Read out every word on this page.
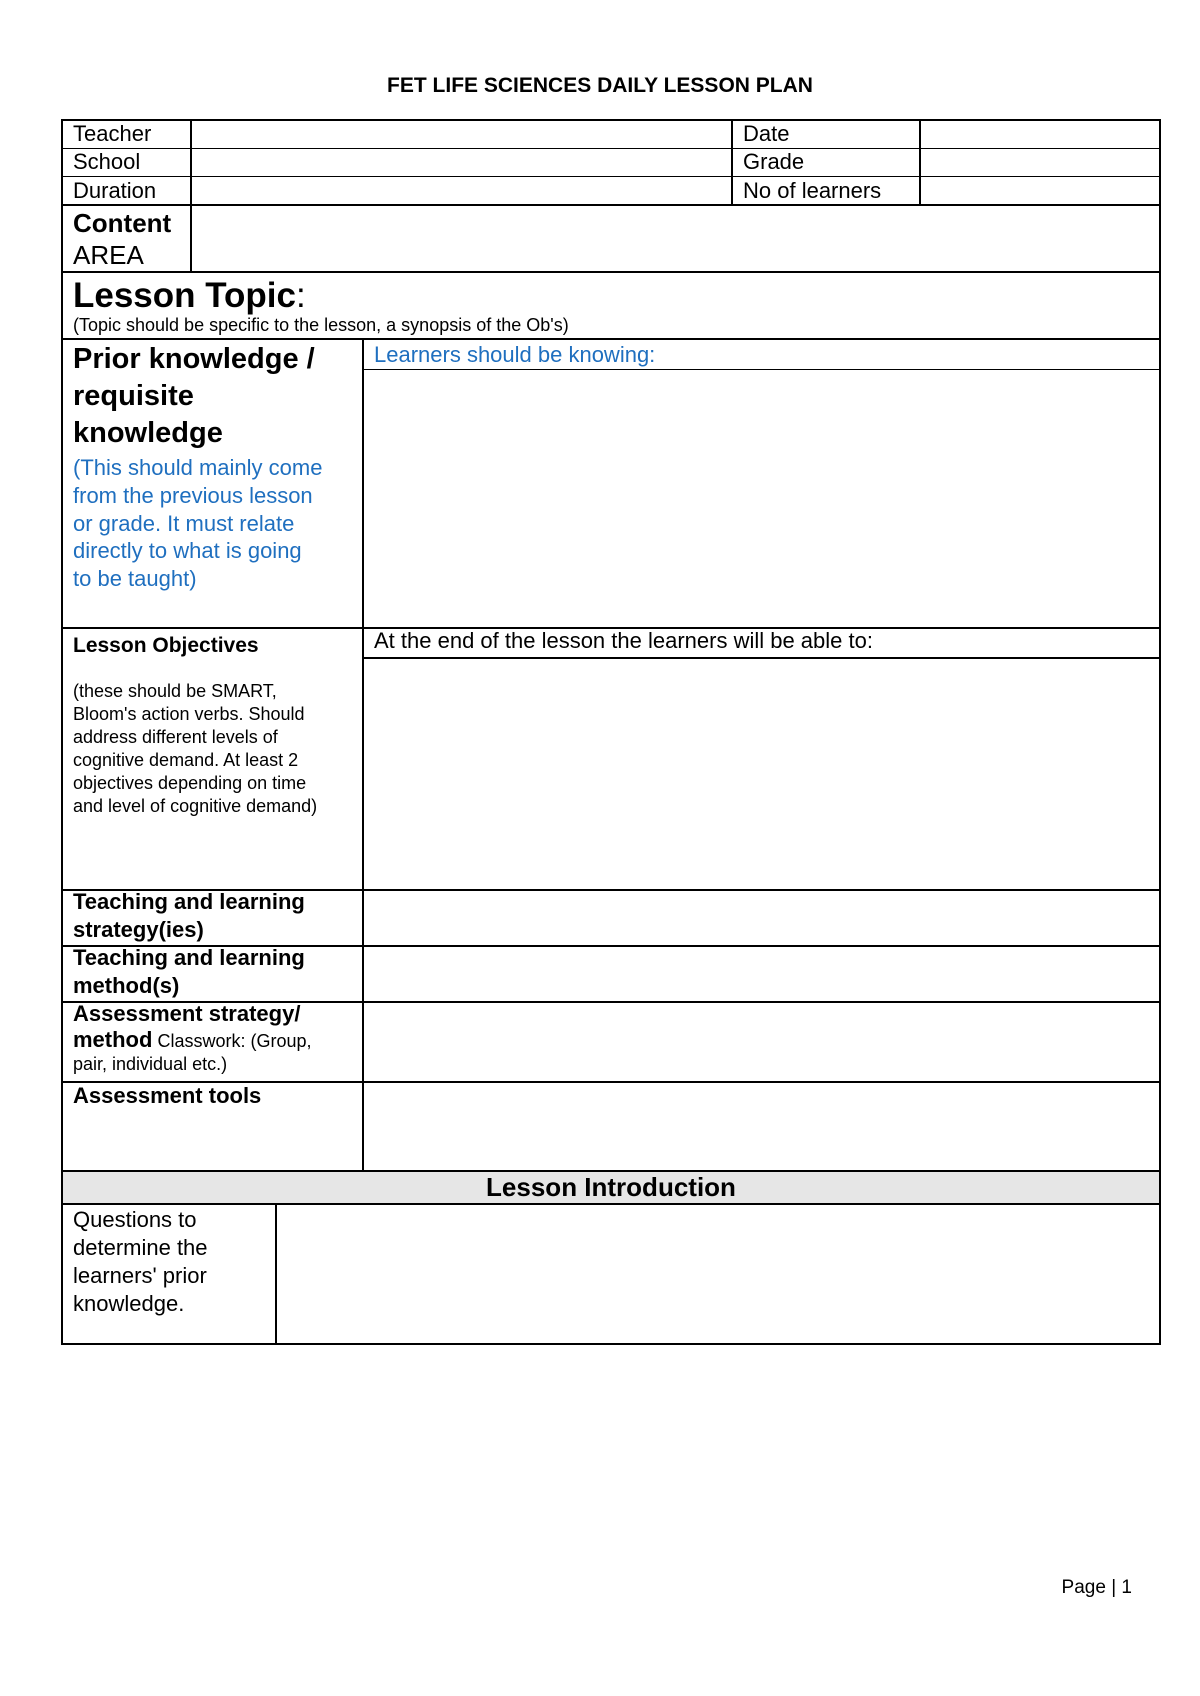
FET LIFE SCIENCES DAILY LESSON PLAN
Teacher
School
Duration
Date
Grade
No of learners
Content
AREA
Lesson Topic:
(Topic should be specific to the lesson, a synopsis of the Ob's)
Prior knowledge /
requisite
knowledge
(This should mainly come
from the previous lesson
or grade. It must relate
directly to what is going
to be taught)
Learners should be knowing:
Lesson Objectives
(these should be SMART,
Bloom's action verbs. Should
address different levels of
cognitive demand. At least 2
objectives depending on time
and level of cognitive demand)
At the end of the lesson the learners will be able to:
Teaching and learning
strategy(ies)
Teaching and learning
method(s)
Assessment strategy/
method Classwork: (Group,
pair, individual etc.)
Assessment tools
Lesson Introduction
Questions to
determine the
learners' prior
knowledge.
Page | 1
